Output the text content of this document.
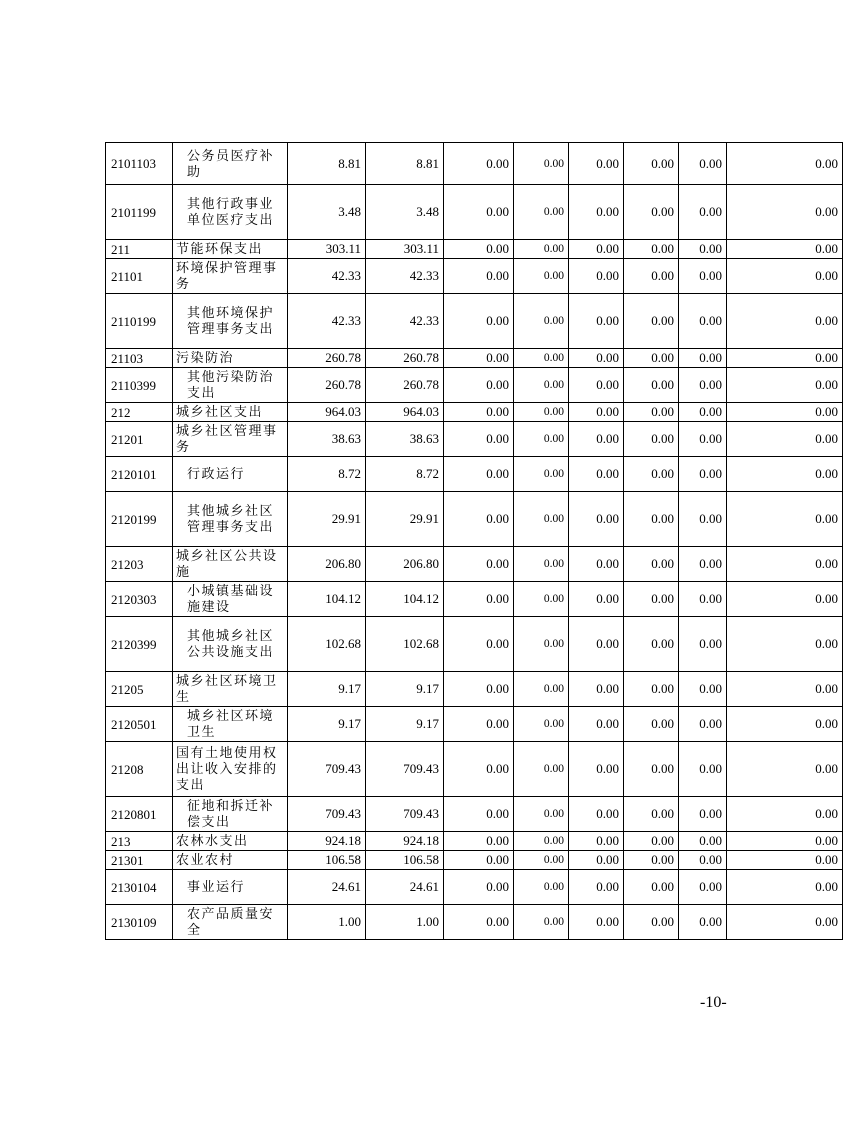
2101103	公务员医疗补助	8.81	8.81	0.00	0.00	0.00	0.00	0.00	0.00
2101199	其他行政事业单位医疗支出	3.48	3.48	0.00	0.00	0.00	0.00	0.00	0.00
211	节能环保支出	303.11	303.11	0.00	0.00	0.00	0.00	0.00	0.00
21101	环境保护管理事务	42.33	42.33	0.00	0.00	0.00	0.00	0.00	0.00
2110199	其他环境保护管理事务支出	42.33	42.33	0.00	0.00	0.00	0.00	0.00	0.00
21103	污染防治	260.78	260.78	0.00	0.00	0.00	0.00	0.00	0.00
2110399	其他污染防治支出	260.78	260.78	0.00	0.00	0.00	0.00	0.00	0.00
212	城乡社区支出	964.03	964.03	0.00	0.00	0.00	0.00	0.00	0.00
21201	城乡社区管理事务	38.63	38.63	0.00	0.00	0.00	0.00	0.00	0.00
2120101	行政运行	8.72	8.72	0.00	0.00	0.00	0.00	0.00	0.00
2120199	其他城乡社区管理事务支出	29.91	29.91	0.00	0.00	0.00	0.00	0.00	0.00
21203	城乡社区公共设施	206.80	206.80	0.00	0.00	0.00	0.00	0.00	0.00
2120303	小城镇基础设施建设	104.12	104.12	0.00	0.00	0.00	0.00	0.00	0.00
2120399	其他城乡社区公共设施支出	102.68	102.68	0.00	0.00	0.00	0.00	0.00	0.00
21205	城乡社区环境卫生	9.17	9.17	0.00	0.00	0.00	0.00	0.00	0.00
2120501	城乡社区环境卫生	9.17	9.17	0.00	0.00	0.00	0.00	0.00	0.00
21208	国有土地使用权出让收入安排的支出	709.43	709.43	0.00	0.00	0.00	0.00	0.00	0.00
2120801	征地和拆迁补偿支出	709.43	709.43	0.00	0.00	0.00	0.00	0.00	0.00
213	农林水支出	924.18	924.18	0.00	0.00	0.00	0.00	0.00	0.00
21301	农业农村	106.58	106.58	0.00	0.00	0.00	0.00	0.00	0.00
2130104	事业运行	24.61	24.61	0.00	0.00	0.00	0.00	0.00	0.00
2130109	农产品质量安全	1.00	1.00	0.00	0.00	0.00	0.00	0.00	0.00
-10-
